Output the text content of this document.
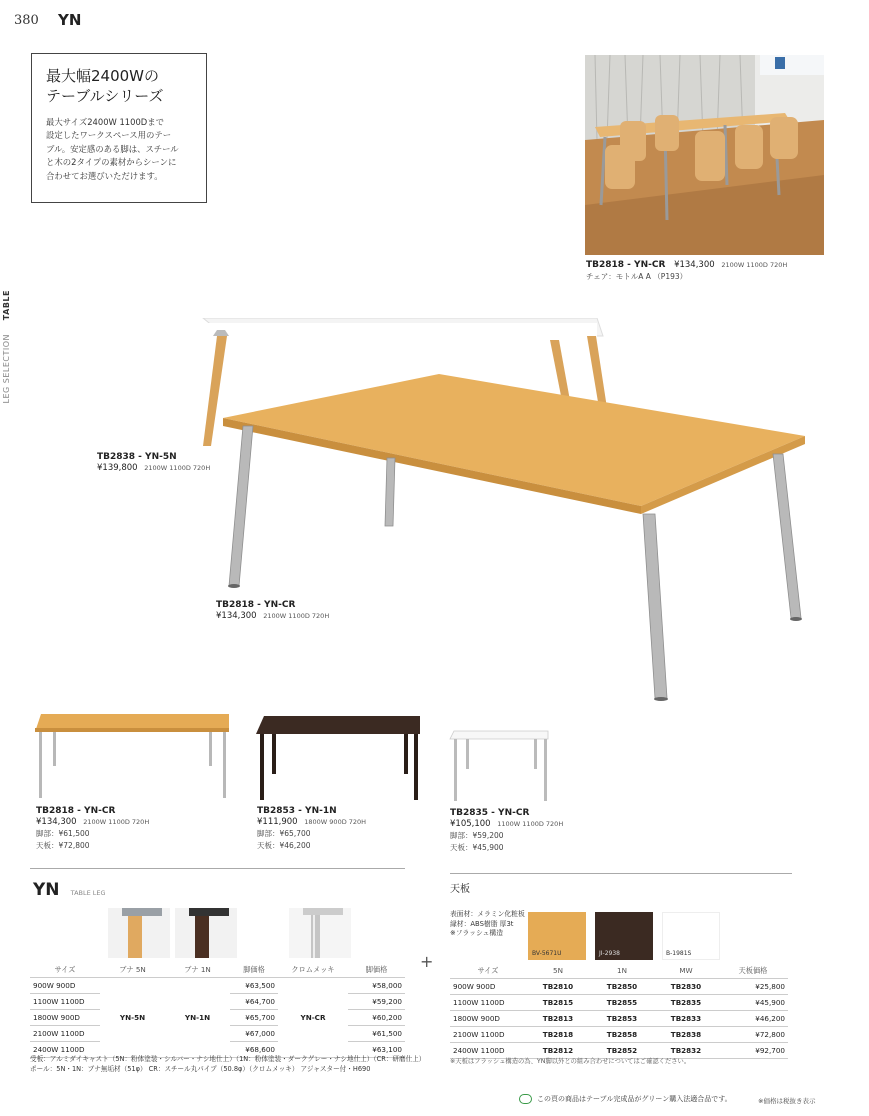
380 YN
TABLE
LEG SELECTION
最大幅2400Wの
テーブルシリーズ
最大サイズ2400W 1100Dまで
設定したワークスペース用のテー
ブル。安定感のある脚は、スチール
と木の2タイプの素材からシーンに
合わせてお選びいただけます。
TB2818 - YN-CR ¥134,300 2100W 1100D 720H
チェア：モトルA A （P193）
TB2838 - YN-5N
¥139,800 2100W 1100D 720H
TB2818 - YN-CR
¥134,300 2100W 1100D 720H
TB2818 - YN-CR
¥134,300 2100W 1100D 720H
脚部：¥61,500
天板：¥72,800
TB2853 - YN-1N
¥111,900 1800W 900D 720H
脚部：¥65,700
天板：¥46,200
TB2835 - YN-CR
¥105,100 1100W 1100D 720H
脚部：¥59,200
天板：¥45,900
YN TABLE LEG
サイズ	ブナ 5N	ブナ 1N	脚価格	クロムメッキ	脚価格
900W 900D	YN-5N	YN-1N	¥63,500	YN-CR	¥58,000
1100W 1100D			¥64,700		¥59,200
1800W 900D			¥65,700		¥60,200
2100W 1100D			¥67,000		¥61,500
2400W 1100D			¥68,600		¥63,100
受板：アルミダイキャスト（5N：粉体塗装・シルバー・ナシ地仕上）（1N：粉体塗装・ダークグレー・ナシ地仕上）（CR：研磨仕上）
ポール：5N・1N：ブナ無垢材（51φ） CR：スチール丸パイプ（50.8φ）（クロムメッキ） アジャスター付・H690
+
天板
表面材：メラミン化粧板
縁材：ABS樹脂 厚3t
※フラッシュ構造
BV-5671U	JI-2938	B-1981S
サイズ	5N	1N	MW	天板価格
900W 900D	TB2810	TB2850	TB2830	¥25,800
1100W 1100D	TB2815	TB2855	TB2835	¥45,900
1800W 900D	TB2813	TB2853	TB2833	¥46,200
2100W 1100D	TB2818	TB2858	TB2838	¥72,800
2400W 1100D	TB2812	TB2852	TB2832	¥92,700
※天板はフラッシュ構造の為、YN脚以外との組み合わせについてはご確認ください。
この頁の商品はテーブル完成品がグリーン購入法適合品です。	※価格は税抜き表示
